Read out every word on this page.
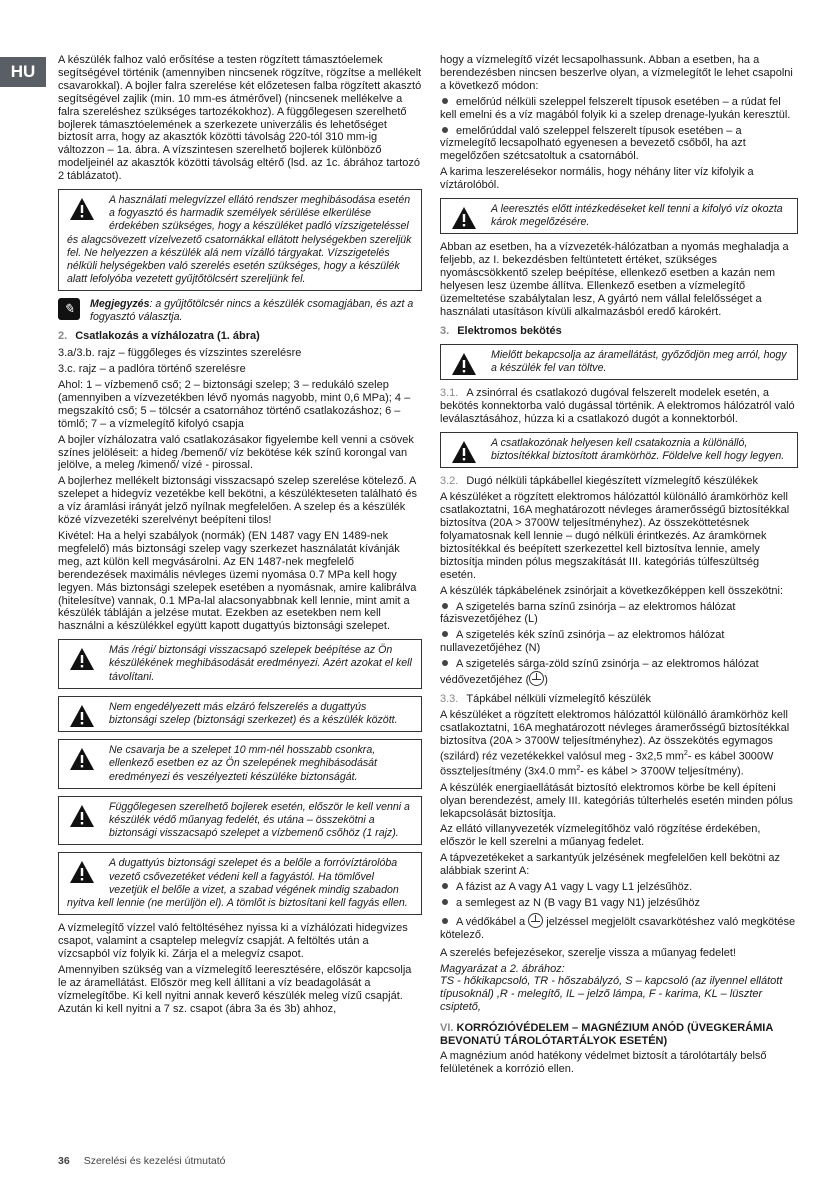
HU

A készülék falhoz való erősítése a testen rögzített támasztóelemek segítségével történik (amennyiben nincsenek rögzítve, rögzítse a mellékelt csavarokkal). A bojler falra szerelése két előzetesen falba rögzített akasztó segítségével zajlik (min. 10 mm-es átmérővel) (nincsenek mellékelve a falra szereléshez szükséges tartozékokhoz). A függőlegesen szerelhető bojlerek támasztóelemének a szerkezete univerzális és lehetőséget biztosít arra, hogy az akasztók közötti távolság 220-tól 310 mm-ig változzon – 1a. ábra. A vízszintesen szerelhető bojlerek különböző modeljeinél az akasztók közötti távolság eltérő (lsd. az 1c. ábrához tartozó 2 táblázatot).

A használati melegvízzel ellátó rendszer meghibásodása esetén a fogyasztó és harmadik személyek sérülése elkerülése érdekében szükséges, hogy a készüléket padló vízszigeteléssel és alagcsövezett vízelvezető csatornákkal ellátott helységekben szereljük fel. Ne helyezzen a készülék alá nem vízálló tárgyakat. Vízszigetelés nélküli helységekben való szerelés esetén szükséges, hogy a készülék alatt lefolyóba vezetett gyűjtőtölcsért szereljünk fel.
✎	Megjegyzés: a gyűjtőtölcsér nincs a készülék csomagjában, és azt a fogyasztó választja.
2. Csatlakozás a vízhálozatra (1. ábra)

3.a/3.b. rajz – függőleges és vízszintes szerelésre

3.c. rajz – a padlóra történő szerelésre

Ahol: 1 – vízbemenő cső; 2 – biztonsági szelep; 3 – redukáló szelep (amennyiben a vízvezetékben lévő nyomás nagyobb, mint 0,6 MPa); 4 – megszakító cső; 5 – tölcsér a csatornához történő csatlakozáshoz; 6 – tömlő; 7 – a vízmelegítő kifolyó csapja

A bojler vízhálozatra való csatlakozásakor figyelembe kell venni a csövek színes jelöléseit: a hideg /bemenő/ víz bekötése kék színű korongal van jelölve, a meleg /kimenő/ vízé - pirossal.

A bojlerhez mellékelt biztonsági visszacsapó szelep szerelése kötelező. A szelepet a hidegvíz vezetékbe kell bekötni, a készülékteseten található és a víz áramlási irányát jelző nyílnak megfelelően. A szelep és a készülék közé vízvezetéki szerelvényt beépíteni tilos!

Kivétel: Ha a helyi szabályok (normák) (EN 1487 vagy EN 1489-nek megfelelő) más biztonsági szelep vagy szerkezet használatát kívánják meg, azt külön kell megvásárolni. Az EN 1487-nek megfelelő berendezések maximális névleges üzemi nyomása 0.7 MPa kell hogy legyen. Más biztonsági szelepek esetében a nyomásnak, amire kalibrálva (hitelesítve) vannak, 0.1 MPa-lal alacsonyabbnak kell lennie, mint amit a készülék tábláján a jelzése mutat. Ezekben az esetekben nem kell használni a készülékkel együtt kapott dugattyús biztonsági szelepet.

Más /régi/ biztonsági visszacsapó szelepek beépítése az Ön készülékének meghibásodását eredményezi. Azért azokat el kell távolítani.
Nem engedélyezett más elzáró felszerelés a dugattyús biztonsági szelep (biztonsági szerkezet) és a készülék között.
Ne csavarja be a szelepet 10 mm-nél hosszabb csonkra, ellenkező esetben ez az Ön szelepének meghibásodását eredményezi és veszélyezteti készüléke biztonságát.
Függőlegesen szerelhető bojlerek esetén, először le kell venni a készülék védő műanyag fedelét, és utána – összekötni a biztonsági visszacsapó szelepet a vízbemenő csőhöz (1 rajz).
A dugattyús biztonsági szelepet és a belőle a forróvíztárolóba vezető csővezetéket védeni kell a fagyástól. Ha tömlővel vezetjük el belőle a vizet, a szabad végének mindig szabadon nyitva kell lennie (ne merüljön el). A tömlőt is biztosítani kell fagyás ellen.

A vízmelegítő vízzel való feltöltéséhez nyissa ki a vízhálózati hidegvizes csapot, valamint a csaptelep melegvíz csapját. A feltöltés után a vízcsapból víz folyik ki. Zárja el a melegvíz csapot.

Amennyiben szükség van a vízmelegítő leeresztésére, először kapcsolja le az áramellátást. Először meg kell állítani a víz beadagolását a vízmelegítőbe. Ki kell nyitni annak keverő készülék meleg vízű csapját. Azután ki kell nyitni a 7 sz. csapot (ábra 3a és 3b) ahhoz,

hogy a vízmelegítő vízét lecsapolhassunk. Abban a esetben, ha a berendezésben nincsen beszerlve olyan, a vízmelegítőt le lehet csapolni a következő módon:

emelőrúd nélküli szeleppel felszerelt típusok esetében – a rúdat fel kell emelni és a víz magából folyik ki a szelep drenage-lyukán keresztül.

emelőrúddal való szeleppel felszerelt típusok esetében – a vízmelegítő lecsapolható egyenesen a bevezető csőből, ha azt megelőzően szétcsatoltuk a csatornából.

A karima leszerelésekor normális, hogy néhány liter víz kifolyik a víztárolóból.

A leeresztés előtt intézkedéseket kell tenni a kifolyó víz okozta károk megelőzésére.

Abban az esetben, ha a vízvezeték-hálózatban a nyomás meghaladja a feljebb, az I. bekezdésben feltüntetett értéket, szükséges nyomáscsökkentő szelep beépítése, ellenkező esetben a kazán nem helyesen lesz üzembe állítva. Ellenkező esetben a vízmelegítő üzemeltetése szabálytalan lesz, A gyártó nem vállal felelősséget a használati utasításon kívüli alkalmazásból eredő károkért.

3. Elektromos bekötés
Mielőtt bekapcsolja az áramellátást, győződjön meg arról, hogy a készülék fel van töltve.

3.1. A zsinórral és csatlakozó dugóval felszerelt modelek esetén, a bekötés konnektorba való dugással történik. A elektromos hálózatról való leválasztásához, húzza ki a csatlakozó dugót a konnektorból.

A csatlakozónak helyesen kell csatakoznia a különálló, biztosítékkal biztosított áramkörhöz. Földelve kell hogy legyen.
3.2. Dugó nélküli tápkábellel kiegészített vízmelegítő készülékek

A készüléket a rögzített elektromos hálózattól különálló áramkörhöz kell csatlakoztatni, 16A meghatározott névleges áramerősségű biztosítékkal biztosítva (20A > 3700W teljesítményhez). Az összeköttetésnek folyamatosnak kell lennie – dugó nélküli érintkezés. Az áramkörnek biztosítékkal és beépített szerkezettel kell biztosítva lennie, amely biztosítja minden pólus megszakítását III. kategóriás túlfeszültség esetén.

A készülék tápkábelének zsinórjait a következőképpen kell összekötni:

A szigetelés barna színű zsinórja – az elektromos hálózat fázisvezetőjéhez (L)

A szigetelés kék színű zsinórja – az elektromos hálózat nullavezetőjéhez (N)

A szigetelés sárga-zöld színű zsinórja – az elektromos hálózat védővezetőjéhez ( )

3.3. Tápkábel nélküli vízmelegítő készülék

A készüléket a rögzített elektromos hálózattól különálló áramkörhöz kell csatlakoztatni, 16A meghatározott névleges áramerősségű biztosítékkal biztosítva (20A > 3700W teljesítményhez). Az összekötés egymagos (szilárd) réz vezetékekkel valósul meg - 3x2,5 $mm^2-$ es kábel 3000W összteljesítmény (3x4.0 $mm^2-$ es kábel > 3700W teljesítmény).

A készülék energiaellátását biztosító elektromos körbe be kell építeni olyan berendezést, amely III. kategóriás túlterhelés esetén minden pólus lekapcsolását biztosítja.

Az ellátó villanyvezeték vízmelegítőhöz való rögzítése érdekében, először le kell szerelni a műanyag fedelet.

A tápvezetékeket a sarkantyúk jelzésének megfelelően kell bekötni az alábbiak szerint A:

A fázist az A vagy A1 vagy L vagy L1 jelzésűhöz.

a semlegest az N (B vagy B1 vagy N1) jelzésűhöz

A védőkábel a jelzéssel megjelölt csavarkötéshez való megkötése kötelező.

A szerelés befejezésekor, szerelje vissza a műanyag fedelet!

Magyarázat a 2. ábrához:

TS - hőkikapcsoló, TR - hőszabályzó, S – kapcsoló (az ilyennel ellátott típusoknál) ,R - melegítő, IL – jelző lámpa, F - karima, KL – lüszter csiptető,

VI. KORRÓZIÓVÉDELEM – MAGNÉZIUM ANÓD (ÜVEGKERÁMIA BEVONATÚ TÁROLÓTARTÁLYOK ESETÉN)

A magnézium anód hatékony védelmet biztosít a tárolótartály belső felületének a korrózió ellen.

36 Szerelési és kezelési útmutató
